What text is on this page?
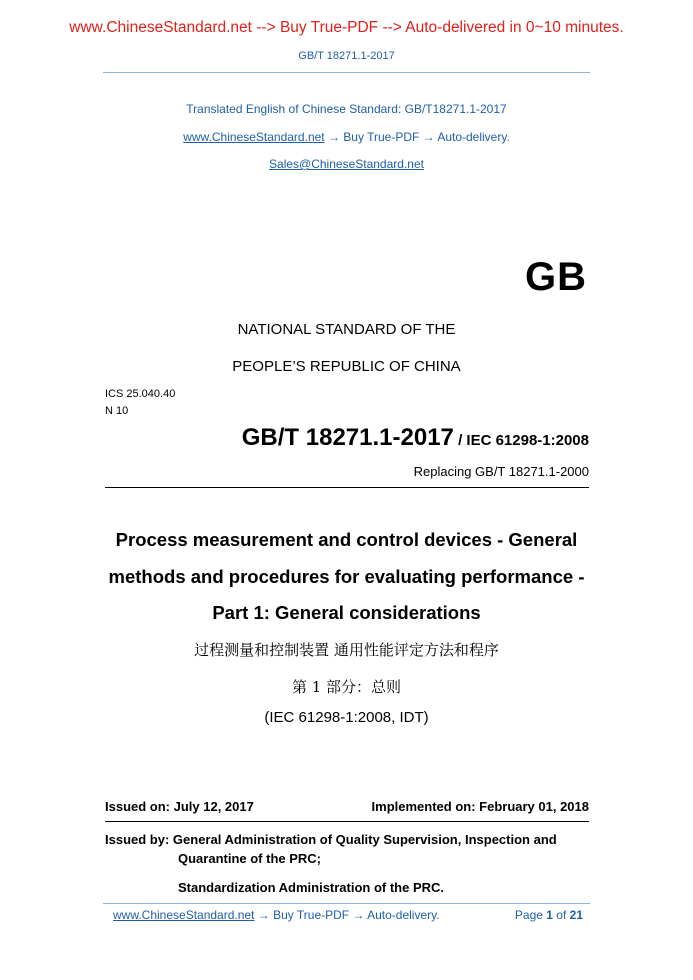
www.ChineseStandard.net --> Buy True-PDF --> Auto-delivered in 0~10 minutes.
GB/T 18271.1-2017
Translated English of Chinese Standard: GB/T18271.1-2017
www.ChineseStandard.net → Buy True-PDF → Auto-delivery.
Sales@ChineseStandard.net
GB
NATIONAL STANDARD OF THE
PEOPLE’S REPUBLIC OF CHINA
ICS 25.040.40
N 10
GB/T 18271.1-2017 / IEC 61298-1:2008
Replacing GB/T 18271.1-2000
Process measurement and control devices - General
methods and procedures for evaluating performance -
Part 1: General considerations
过程测量和控制装置 通用性能评定方法和程序
第 1 部分：总则
(IEC 61298-1:2008, IDT)
Issued on: July 12, 2017	Implemented on: February 01, 2018
Issued by: General Administration of Quality Supervision, Inspection and
Quarantine of the PRC;
Standardization Administration of the PRC.
www.ChineseStandard.net → Buy True-PDF → Auto-delivery.	Page 1 of 21
